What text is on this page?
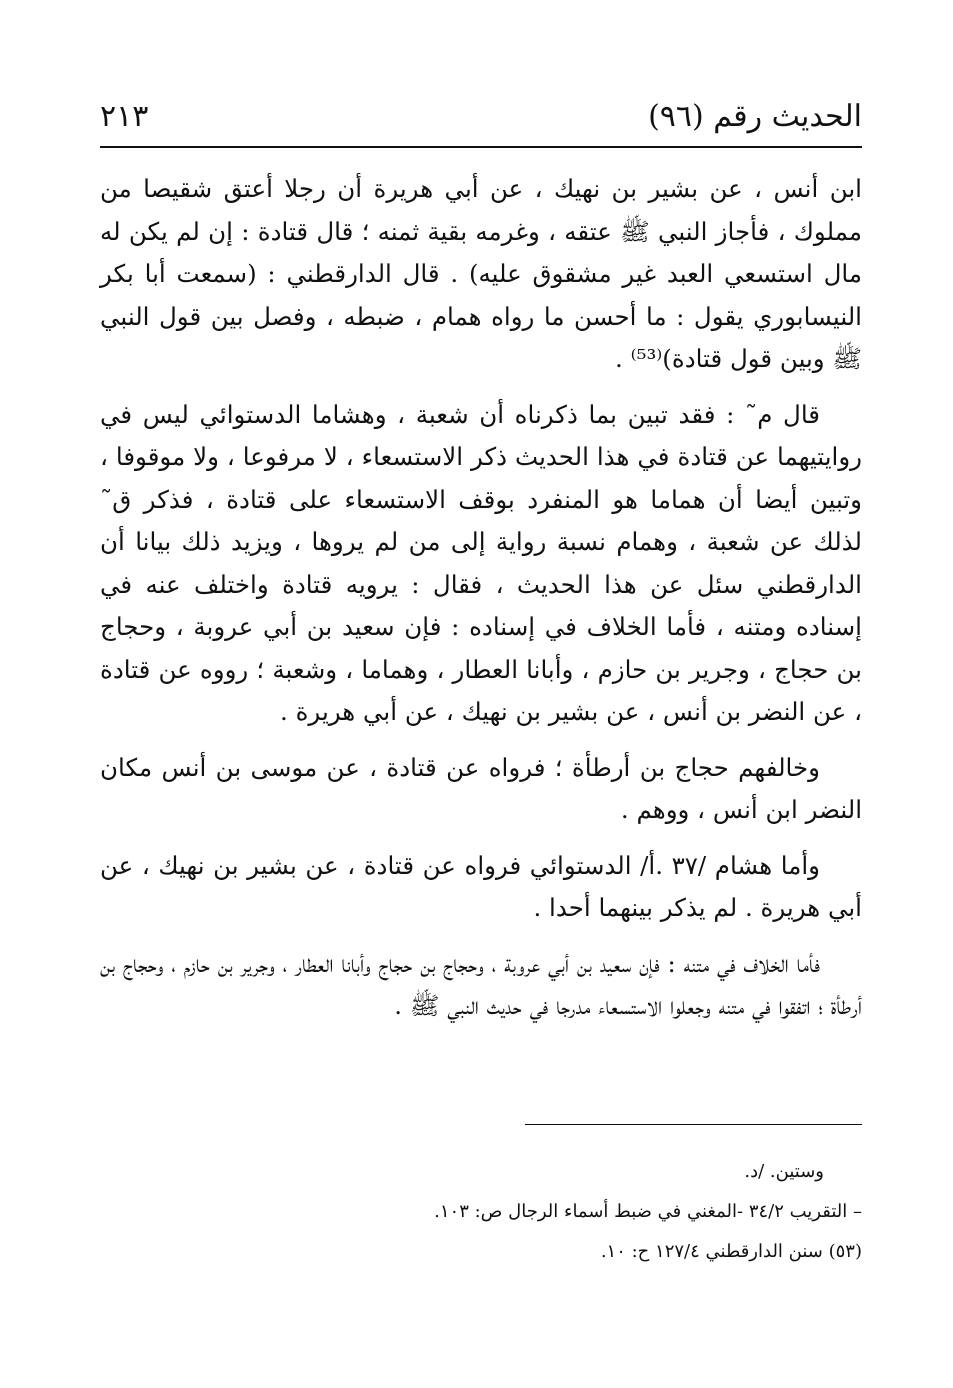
الحديث رقم (٩٦)
٢١٣

ابن أنس ، عن بشير بن نهيك ، عن أبي هريرة أن رجلا أعتق شقيصا من مملوك ، فأجاز النبي ﷺ عتقه ، وغرمه بقية ثمنه ؛ قال قتادة : إن لم يكن له مال استسعي العبد غير مشقوق عليه) . قال الدارقطني : (سمعت أبا بكر النيسابوري يقول : ما أحسن ما رواه همام ، ضبطه ، وفصل بين قول النبي ﷺ وبين قول قتادة)⁽⁵³⁾ .

قال م˜ : فقد تبين بما ذكرناه أن شعبة ، وهشاما الدستوائي ليس في روايتيهما عن قتادة في هذا الحديث ذكر الاستسعاء ، لا مرفوعا ، ولا موقوفا ، وتبين أيضا أن هماما هو المنفرد بوقف الاستسعاء على قتادة ، فذكر ق˜ لذلك عن شعبة ، وهمام نسبة رواية إلى من لم يروها ، ويزيد ذلك بيانا أن الدارقطني سئل عن هذا الحديث ، فقال : يرويه قتادة واختلف عنه في إسناده ومتنه ، فأما الخلاف في إسناده : فإن سعيد بن أبي عروبة ، وحجاج بن حجاج ، وجرير بن حازم ، وأبانا العطار ، وهماما ، وشعبة ؛ رووه عن قتادة ، عن النضر بن أنس ، عن بشير بن نهيك ، عن أبي هريرة .

وخالفهم حجاج بن أرطأة ؛ فرواه عن قتادة ، عن موسى بن أنس مكان النضر ابن أنس ، ووهم .

وأما هشام /٣٧ .أ/ الدستوائي فرواه عن قتادة ، عن بشير بن نهيك ، عن أبي هريرة . لم يذكر بينهما أحدا .

فأما الخلاف في متنه : فإن سعيد بن أبي عروبة ، وحجاج بن حجاج وأبانا العطار ، وجرير بن حازم ، وحجاج بن أرطأة ؛ اتفقوا في متنه وجعلوا الاستسعاء مدرجا في حديث النبي ﷺ .

وستين. /د.
– التقريب ٣٤/٢ -المغني في ضبط أسماء الرجال ص: ١٠٣.
(٥٣) سنن الدارقطني ١٢٧/٤ ح: ١٠.
